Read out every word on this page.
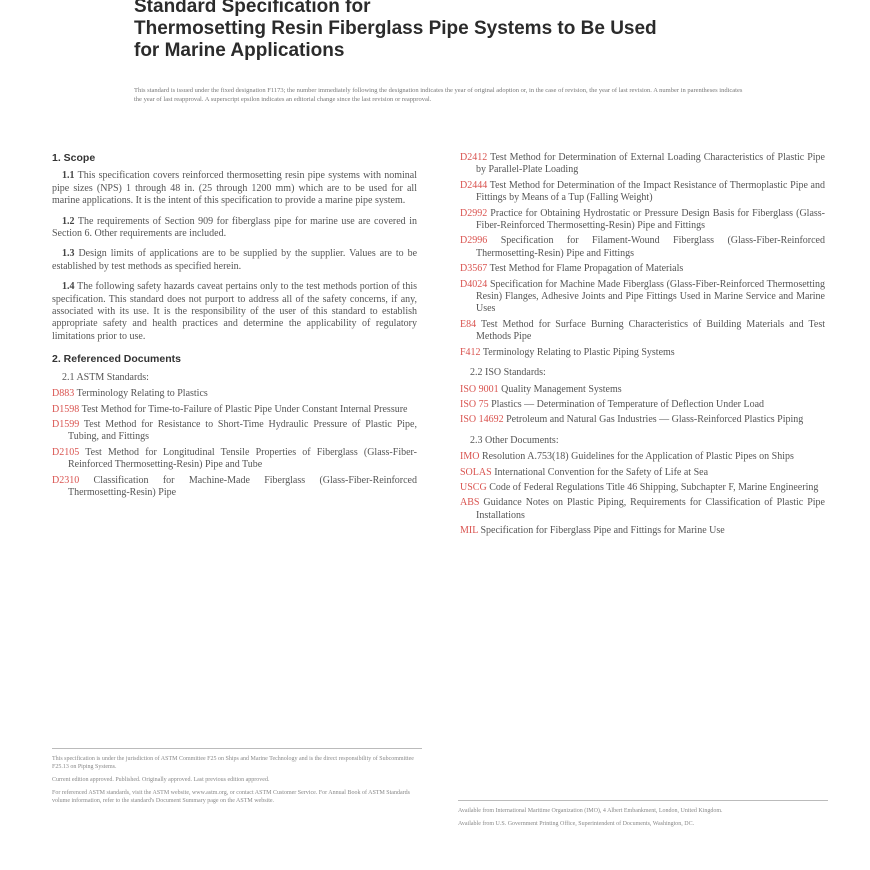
Standard Specification for
Thermosetting Resin Fiberglass Pipe Systems to Be Used
for Marine Applications

This standard is issued under the fixed designation F1173; the number immediately following the designation indicates the year of original adoption or, in the case of revision, the year of last revision. A number in parentheses indicates the year of last reapproval. A superscript epsilon indicates an editorial change since the last revision or reapproval.

1. Scope

1.1 This specification covers reinforced thermosetting resin pipe systems with nominal pipe sizes (NPS) 1 through 48 in. (25 through 1200 mm) which are to be used for all marine applications. It is the intent of this specification to provide a marine pipe system.

1.2 The requirements of Section 909 for fiberglass pipe for marine use are covered in Section 6. Other requirements are included.

1.3 Design limits of applications are to be supplied by the supplier. Values are to be established by test methods as specified herein.

1.4 The following safety hazards caveat pertains only to the test methods portion of this specification. This standard does not purport to address all of the safety concerns, if any, associated with its use. It is the responsibility of the user of this standard to establish appropriate safety and health practices and determine the applicability of regulatory limitations prior to use.

2. Referenced Documents
2.1 ASTM Standards:
D883 Terminology Relating to Plastics
D1598 Test Method for Time-to-Failure of Plastic Pipe Under Constant Internal Pressure
D1599 Test Method for Resistance to Short-Time Hydraulic Pressure of Plastic Pipe, Tubing, and Fittings
D2105 Test Method for Longitudinal Tensile Properties of Fiberglass (Glass-Fiber-Reinforced Thermosetting-Resin) Pipe and Tube
D2310 Classification for Machine-Made Fiberglass (Glass-Fiber-Reinforced Thermosetting-Resin) Pipe

This specification is under the jurisdiction of ASTM Committee F25 on Ships and Marine Technology and is the direct responsibility of Subcommittee F25.13 on Piping Systems.

Current edition approved. Published. Originally approved. Last previous edition approved.

For referenced ASTM standards, visit the ASTM website, www.astm.org, or contact ASTM Customer Service. For Annual Book of ASTM Standards volume information, refer to the standard's Document Summary page on the ASTM website.

D2412 Test Method for Determination of External Loading Characteristics of Plastic Pipe by Parallel-Plate Loading
D2444 Test Method for Determination of the Impact Resistance of Thermoplastic Pipe and Fittings by Means of a Tup (Falling Weight)
D2992 Practice for Obtaining Hydrostatic or Pressure Design Basis for Fiberglass (Glass-Fiber-Reinforced Thermosetting-Resin) Pipe and Fittings
D2996 Specification for Filament-Wound Fiberglass (Glass-Fiber-Reinforced Thermosetting-Resin) Pipe and Fittings
D3567 Test Method for Flame Propagation of Materials
D4024 Specification for Machine Made Fiberglass (Glass-Fiber-Reinforced Thermosetting Resin) Flanges, Adhesive Joints and Pipe Fittings Used in Marine Service and Marine Uses
E84 Test Method for Surface Burning Characteristics of Building Materials and Test Methods Pipe
F412 Terminology Relating to Plastic Piping Systems
2.2 ISO Standards:
ISO 9001 Quality Management Systems
ISO 75 Plastics — Determination of Temperature of Deflection Under Load
ISO 14692 Petroleum and Natural Gas Industries — Glass-Reinforced Plastics Piping
2.3 Other Documents:
IMO Resolution A.753(18) Guidelines for the Application of Plastic Pipes on Ships
SOLAS International Convention for the Safety of Life at Sea
USCG Code of Federal Regulations Title 46 Shipping, Subchapter F, Marine Engineering
ABS Guidance Notes on Plastic Piping, Requirements for Classification of Plastic Pipe Installations
MIL Specification for Fiberglass Pipe and Fittings for Marine Use

Available from International Maritime Organization (IMO), 4 Albert Embankment, London, United Kingdom.

Available from U.S. Government Printing Office, Superintendent of Documents, Washington, DC.
